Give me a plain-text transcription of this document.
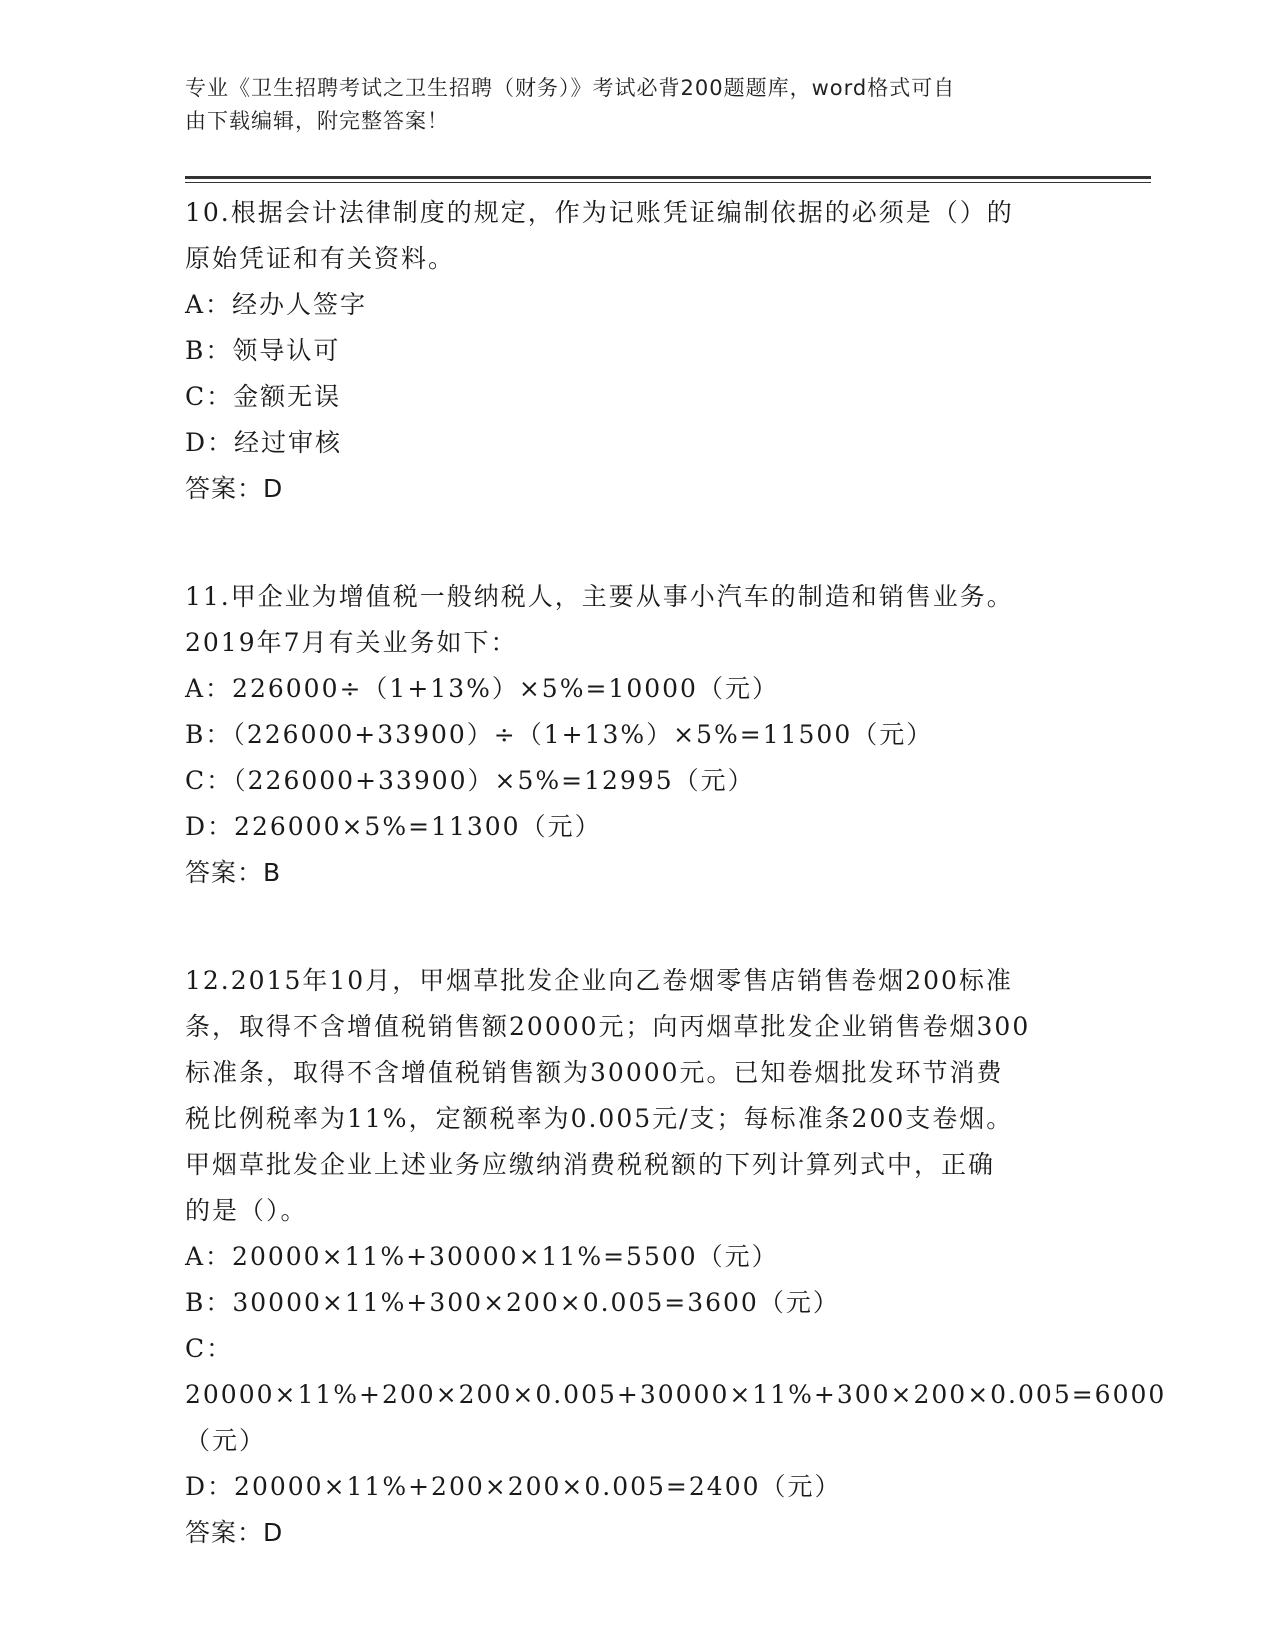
专业《卫生招聘考试之卫生招聘（财务）》考试必背200题题库，word格式可自
由下载编辑，附完整答案！

10.根据会计法律制度的规定，作为记账凭证编制依据的必须是（）的

原始凭证和有关资料。

A：经办人签字

B：领导认可

C：金额无误

D：经过审核

答案：D

11.甲企业为增值税一般纳税人，主要从事小汽车的制造和销售业务。

2019年7月有关业务如下：

A：226000÷（1+13%）×5%=10000（元）

B：（226000+33900）÷（1+13%）×5%=11500（元）

C：（226000+33900）×5%=12995（元）

D：226000×5%=11300（元）

答案：B

12.2015年10月，甲烟草批发企业向乙卷烟零售店销售卷烟200标准

条，取得不含增值税销售额20000元；向丙烟草批发企业销售卷烟300

标准条，取得不含增值税销售额为30000元。已知卷烟批发环节消费

税比例税率为11%，定额税率为0.005元/支；每标准条200支卷烟。

甲烟草批发企业上述业务应缴纳消费税税额的下列计算列式中，正确

的是（）。

A：20000×11%+30000×11%=5500（元）

B：30000×11%+300×200×0.005=3600（元）

C：20000×11%+200×200×0.005+30000×11%+300×200×0.005=6000

（元）

D：20000×11%+200×200×0.005=2400（元）

答案：D
